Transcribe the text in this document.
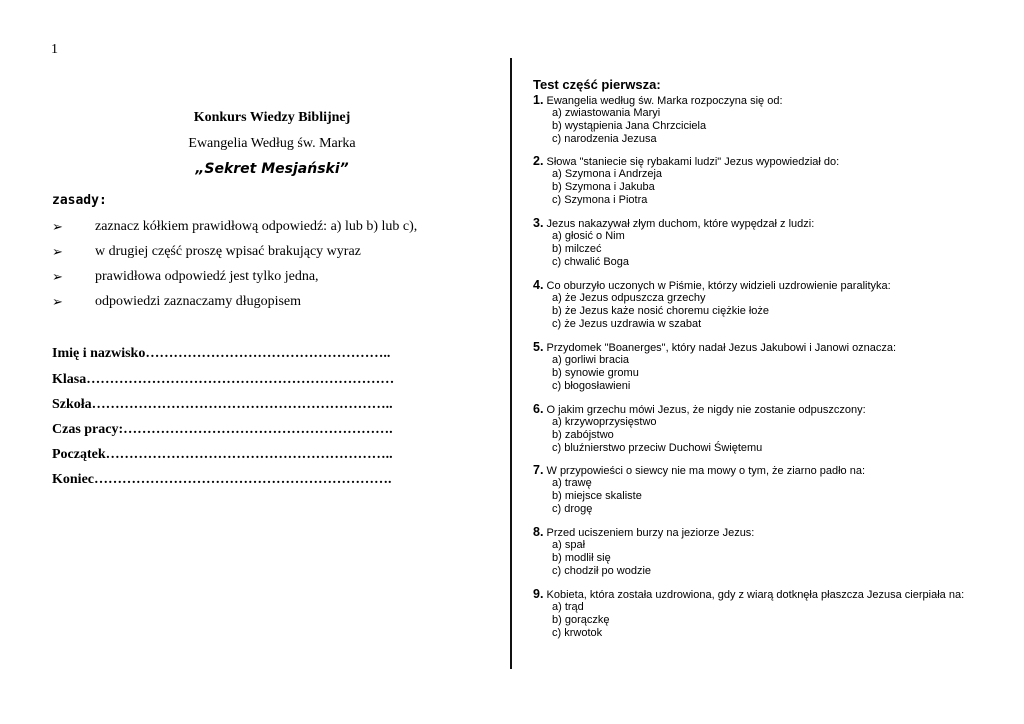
1
Konkurs Wiedzy Biblijnej
Ewangelia Według św. Marka
„Sekret Mesjański”
zasady:
➢ zaznacz kółkiem prawidłową odpowiedź: a) lub b) lub c),
➢ w drugiej część proszę wpisać brakujący wyraz
➢ prawidłowa odpowiedź jest tylko jedna,
➢ odpowiedzi zaznaczamy długopisem
Imię i nazwisko……………………………………………..
Klasa…………………………………………………………
Szkoła………………………………………………………..
Czas pracy:………………………………………………….
Początek……………………………………………………..
Koniec……………………………………………………….
Test część pierwsza:
1. Ewangelia według św. Marka rozpoczyna się od:
a) zwiastowania Maryi
b) wystąpienia Jana Chrzciciela
c) narodzenia Jezusa
2. Słowa "staniecie się rybakami ludzi" Jezus wypowiedział do:
a) Szymona i Andrzeja
b) Szymona i Jakuba
c) Szymona i Piotra
3. Jezus nakazywał złym duchom, które wypędzał z ludzi:
a) głosić o Nim
b) milczeć
c) chwalić Boga
4. Co oburzyło uczonych w Piśmie, którzy widzieli uzdrowienie paralityka:
a) że Jezus odpuszcza grzechy
b) że Jezus każe nosić choremu ciężkie łoże
c) że Jezus uzdrawia w szabat
5. Przydomek "Boanerges", który nadał Jezus Jakubowi i Janowi oznacza:
a) gorliwi bracia
b) synowie gromu
c) błogosławieni
6. O jakim grzechu mówi Jezus, że nigdy nie zostanie odpuszczony:
a) krzywoprzysięstwo
b) zabójstwo
c) bluźnierstwo przeciw Duchowi Świętemu
7. W przypowieści o siewcy nie ma mowy o tym, że ziarno padło na:
a) trawę
b) miejsce skaliste
c) drogę
8. Przed uciszeniem burzy na jeziorze Jezus:
a) spał
b) modlił się
c) chodził po wodzie
9. Kobieta, która została uzdrowiona, gdy z wiarą dotknęła płaszcza Jezusa cierpiała na:
a) trąd
b) gorączkę
c) krwotok
